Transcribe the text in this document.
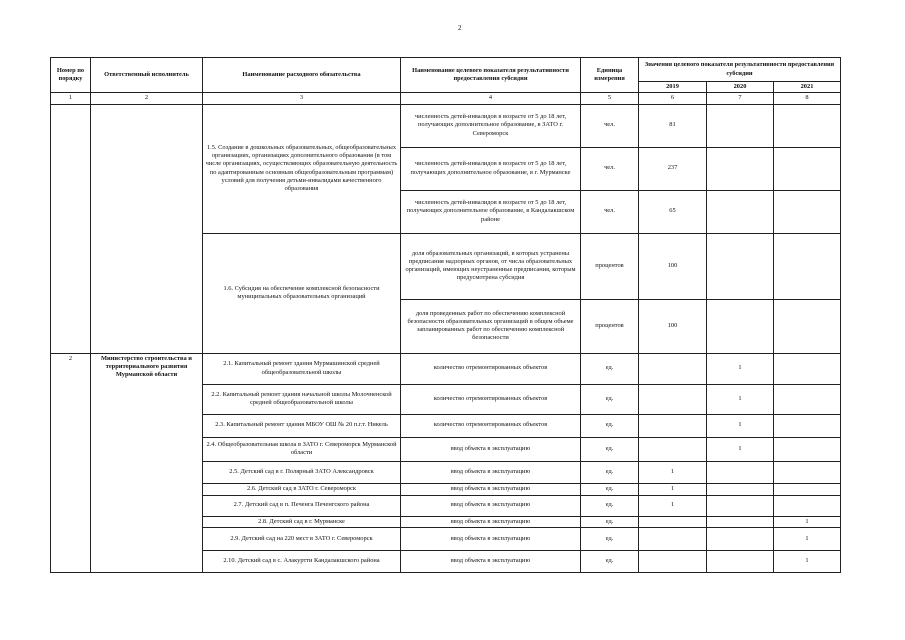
2
Номер по порядку	Ответственный исполнитель	Наименование расходного обязательства	Наименование целевого показателя результативности предоставления субсидии	Единица измерения	Значения целевого показателя результативности предоставления субсидии		
					2019	2020	2021
1	2	3	4	5	6	7	8
		1.5. Создание в дошкольных образовательных, общеобразовательных организациях, организациях дополнительного образования (в том числе организациях, осуществляющих образовательную деятельность по адаптированным основным общеобразовательным программам) условий для получения детьми-инвалидами качественного образования	численность детей-инвалидов в возрасте от 5 до 18 лет, получающих дополнительное образование, в ЗАТО г. Североморск	чел.	81		
			численность детей-инвалидов в возрасте от 5 до 18 лет, получающих дополнительное образование, в г. Мурманске	чел.	237		
			численность детей-инвалидов в возрасте от 5 до 18 лет, получающих дополнительное образование, в Кандалакшском районе	чел.	65		
		1.6. Субсидия на обеспечение комплексной безопасности муниципальных образовательных организаций	доля образовательных организаций, в которых устранены предписания надзорных органов, от числа образовательных организаций, имеющих неустраненные предписания, которым предусмотрена субсидия	процентов	100		
			доля проведенных работ по обеспечению комплексной безопасности образовательных организаций в общем объеме запланированных работ по обеспечению комплексной безопасности	процентов	100		
2	Министерство строительства и территориального развития Мурманской области	2.1. Капитальный ремонт здания Мурмашинской средней общеобразовательной школы	количество отремонтированных объектов	ед.		1	
		2.2. Капитальный ремонт здания начальной школы Молочненской средней общеобразовательной школы	количество отремонтированных объектов	ед.		1	
		2.3. Капитальный ремонт здания МБОУ ОШ № 20 п.г.т. Никель	количество отремонтированных объектов	ед.		1	
		2.4. Общеобразовательная школа в ЗАТО г. Североморск Мурманской области	ввод объекта в эксплуатацию	ед.		1	
		2.5. Детский сад в г. Полярный ЗАТО Александровск	ввод объекта в эксплуатацию	ед.	1		
		2.6. Детский сад в ЗАТО г. Североморск	ввод объекта в эксплуатацию	ед.	1		
		2.7. Детский сад в п. Печенга Печенгского района	ввод объекта в эксплуатацию	ед.	1		
		2.8. Детский сад в г. Мурманске	ввод объекта в эксплуатацию	ед.			1
		2.9. Детский сад на 220 мест в ЗАТО г. Североморск	ввод объекта в эксплуатацию	ед.			1
		2.10. Детский сад в с. Алакуртти Кандалакшского района	ввод объекта в эксплуатацию	ед.			1
